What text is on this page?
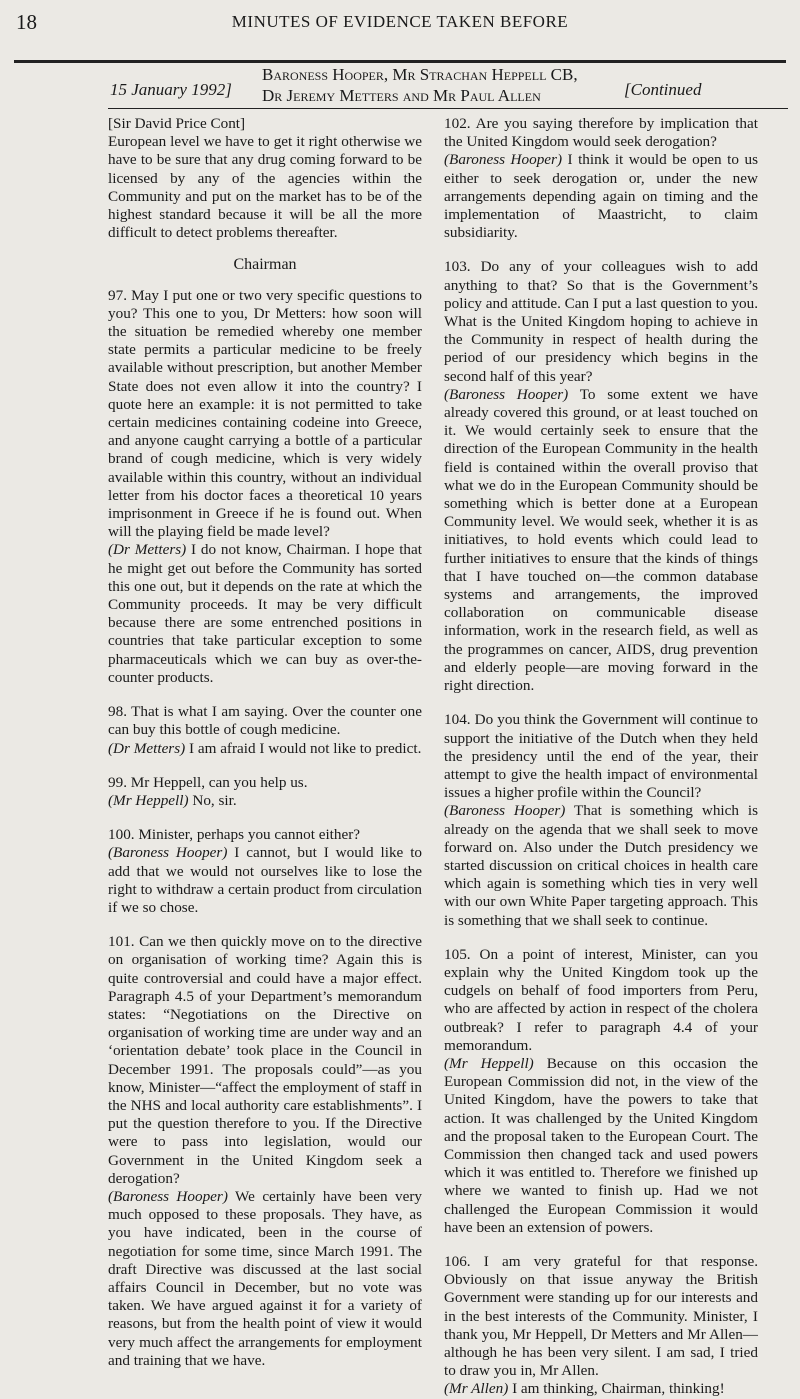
18	MINUTES OF EVIDENCE TAKEN BEFORE
15 January 1992]
Baroness Hooper, Mr Strachan Heppell CB,
Dr Jeremy Metters and Mr Paul Allen	[Continued

[Sir David Price Cont]

European level we have to get it right otherwise we have to be sure that any drug coming forward to be licensed by any of the agencies within the Community and put on the market has to be of the highest standard because it will be all the more difficult to detect problems thereafter.

Chairman

97. May I put one or two very specific questions to you? This one to you, Dr Metters: how soon will the situation be remedied whereby one member state permits a particular medicine to be freely available without prescription, but another Member State does not even allow it into the country? I quote here an example: it is not permitted to take certain medicines containing codeine into Greece, and anyone caught carrying a bottle of a particular brand of cough medicine, which is very widely available within this country, without an individual letter from his doctor faces a theoretical 10 years imprisonment in Greece if he is found out. When will the playing field be made level?

(Dr Metters) I do not know, Chairman. I hope that he might get out before the Community has sorted this one out, but it depends on the rate at which the Community proceeds. It may be very difficult because there are some entrenched positions in countries that take particular exception to some pharmaceuticals which we can buy as over-the-counter products.

98. That is what I am saying. Over the counter one can buy this bottle of cough medicine.

(Dr Metters) I am afraid I would not like to predict.

99. Mr Heppell, can you help us.

(Mr Heppell) No, sir.

100. Minister, perhaps you cannot either?

(Baroness Hooper) I cannot, but I would like to add that we would not ourselves like to lose the right to withdraw a certain product from circulation if we so chose.

101. Can we then quickly move on to the directive on organisation of working time? Again this is quite controversial and could have a major effect. Paragraph 4.5 of your Department’s memorandum states: “Negotiations on the Directive on organisation of working time are under way and an ‘orientation debate’ took place in the Council in December 1991. The proposals could”—as you know, Minister—“affect the employment of staff in the NHS and local authority care establishments”. I put the question therefore to you. If the Directive were to pass into legislation, would our Government in the United Kingdom seek a derogation?

(Baroness Hooper) We certainly have been very much opposed to these proposals. They have, as you have indicated, been in the course of negotiation for some time, since March 1991. The draft Directive was discussed at the last social affairs Council in December, but no vote was taken. We have argued against it for a variety of reasons, but from the health point of view it would very much affect the arrangements for employment and training that we have.

102. Are you saying therefore by implication that the United Kingdom would seek derogation?

(Baroness Hooper) I think it would be open to us either to seek derogation or, under the new arrangements depending again on timing and the implementation of Maastricht, to claim subsidiarity.

103. Do any of your colleagues wish to add anything to that? So that is the Government’s policy and attitude. Can I put a last question to you. What is the United Kingdom hoping to achieve in the Community in respect of health during the period of our presidency which begins in the second half of this year?

(Baroness Hooper) To some extent we have already covered this ground, or at least touched on it. We would certainly seek to ensure that the direction of the European Community in the health field is contained within the overall proviso that what we do in the European Community should be something which is better done at a European Community level. We would seek, whether it is as initiatives, to hold events which could lead to further initiatives to ensure that the kinds of things that I have touched on—the common database systems and arrangements, the improved collaboration on communicable disease information, work in the research field, as well as the programmes on cancer, AIDS, drug prevention and elderly people—are moving forward in the right direction.

104. Do you think the Government will continue to support the initiative of the Dutch when they held the presidency until the end of the year, their attempt to give the health impact of environmental issues a higher profile within the Council?

(Baroness Hooper) That is something which is already on the agenda that we shall seek to move forward on. Also under the Dutch presidency we started discussion on critical choices in health care which again is something which ties in very well with our own White Paper targeting approach. This is something that we shall seek to continue.

105. On a point of interest, Minister, can you explain why the United Kingdom took up the cudgels on behalf of food importers from Peru, who are affected by action in respect of the cholera outbreak? I refer to paragraph 4.4 of your memorandum.

(Mr Heppell) Because on this occasion the European Commission did not, in the view of the United Kingdom, have the powers to take that action. It was challenged by the United Kingdom and the proposal taken to the European Court. The Commission then changed tack and used powers which it was entitled to. Therefore we finished up where we wanted to finish up. Had we not challenged the European Commission it would have been an extension of powers.

106. I am very grateful for that response. Obviously on that issue anyway the British Government were standing up for our interests and in the best interests of the Community. Minister, I thank you, Mr Heppell, Dr Metters and Mr Allen—although he has been very silent. I am sad, I tried to draw you in, Mr Allen.

(Mr Allen) I am thinking, Chairman, thinking!
